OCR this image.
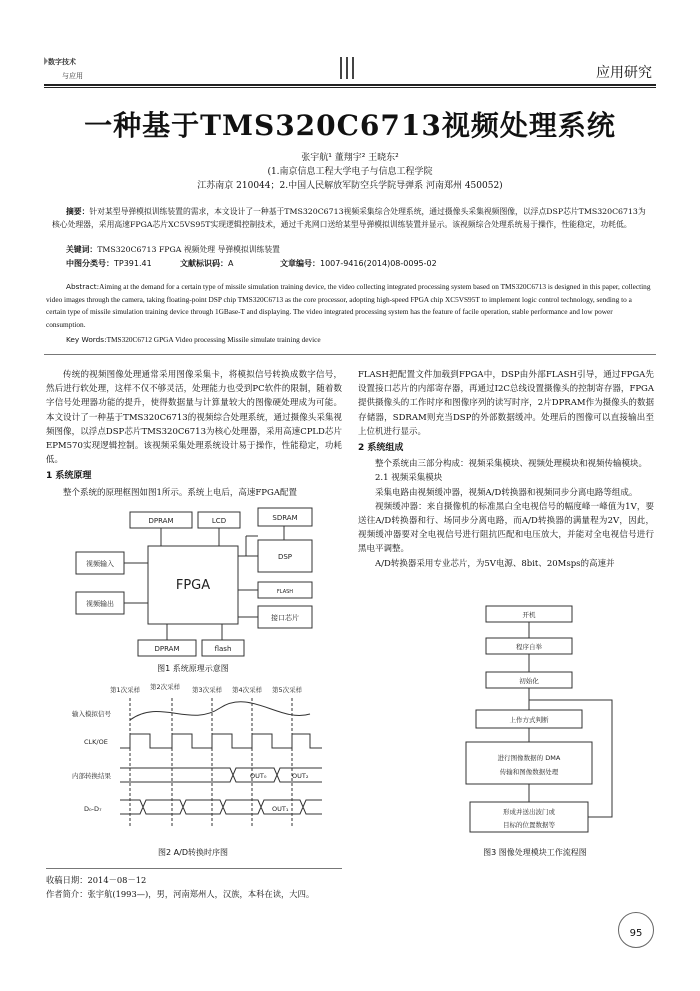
数字技术
与应用	应用研究
一种基于TMS320C6713视频处理系统
张宇航¹ 董翔宇² 王晓东²
(1.南京信息工程大学电子与信息工程学院
江苏南京 210044；2.中国人民解放军防空兵学院导弹系 河南郑州 450052)
摘要：针对某型导弹模拟训练装置的需求，本文设计了一种基于TMS320C6713视频采集综合处理系统，通过摄像头采集视频图像，以浮点DSP芯片TMS320C6713为核心处理器，采用高速FPGA芯片XC5VS95T实现逻辑控制技术，通过千兆网口送给某型导弹模拟训练装置并显示。该视频综合处理系统易于操作，性能稳定，功耗低。
关键词：TMS320C6713 FPGA 视频处理 导弹模拟训练装置
中图分类号：TP391.41	文献标识码：A	文章编号：1007-9416(2014)08-0095-02
Abstract:Aiming at the demand for a certain type of missile simulation training device, the video collecting integrated processing system based on TMS320C6713 is designed in this paper, collecting video images through the camera, taking floating-point DSP chip TMS320C6713 as the core processor, adopting high-speed FPGA chip XC5VS95T to implement logic control technology, sending to a certain type of missile simulation training device through 1GBase-T and displaying. The video integrated processing system has the feature of facile operation, stable performance and low power consumption.
Key Words:TMS320C6712 GPGA Video processing Missile simulate training device

传统的视频图像处理通常采用图像采集卡，将模拟信号转换成数字信号，然后进行软处理，这样不仅不够灵活，处理能力也受到PC软件的限制，随着数字信号处理器功能的提升，使得数据量与计算量较大的图像硬处理成为可能。本文设计了一种基于TMS320C6713的视频综合处理系统，通过摄像头采集视频图像，以浮点DSP芯片TMS320C6713为核心处理器，采用高速CPLD芯片EPM570实现逻辑控制。该视频采集处理系统设计易于操作，性能稳定，功耗低。

1 系统原理

整个系统的原理框图如图1所示。系统上电后，高速FPGA配置

FLASH把配置文件加载到FPGA中，DSP由外部FLASH引导，通过FPGA先设置接口芯片的内部寄存器，再通过I2C总线设置摄像头的控制寄存器，FPGA提供摄像头的工作时序和图像序列的读写时序，2片DPRAM作为摄像头的数据存储器，SDRAM则充当DSP的外部数据缓冲。处理后的图像可以直接输出至上位机进行显示。

2 系统组成

整个系统由三部分构成：视频采集模块、视频处理模块和视频传输模块。

2.1 视频采集模块

采集电路由视频缓冲器，视频A/D转换器和视频同步分离电路等组成。

视频缓冲器：来自摄像机的标准黑白全电视信号的幅度峰一峰值为1V，要送往A/D转换器和行、场同步分离电路，而A/D转换器的满量程为2V，因此，视频缓冲器要对全电视信号进行阻抗匹配和电压放大，并能对全电视信号进行黑电平调整。

A/D转换器采用专业芯片，为5V电源、8bit、20Msps的高速并

DPRAM	LCD	SDRAM
视频输入
视频输出
FPGA
DSP
FLASH
接口芯片
DPRAM	flash
图1 系统原理示意图
第1次采样 第2次采样 第3次采样 第4次采样 第5次采样
输入模拟信号
CLK/OE
内部转换结果
D₀-D₇
OUT₀	OUT₂
OUT₁
图2 A/D转换时序图
开机
程序自举
初始化
上作方式判断
进行图像数据的 DMA
传输和图像数据处理
形成并送出波门或
目标的位置数据等
图3 图像处理模块工作流程图
收稿日期：2014－08－12
作者简介：张宇航(1993—)，男，河南郑州人，汉族，本科在读，大四。
95
